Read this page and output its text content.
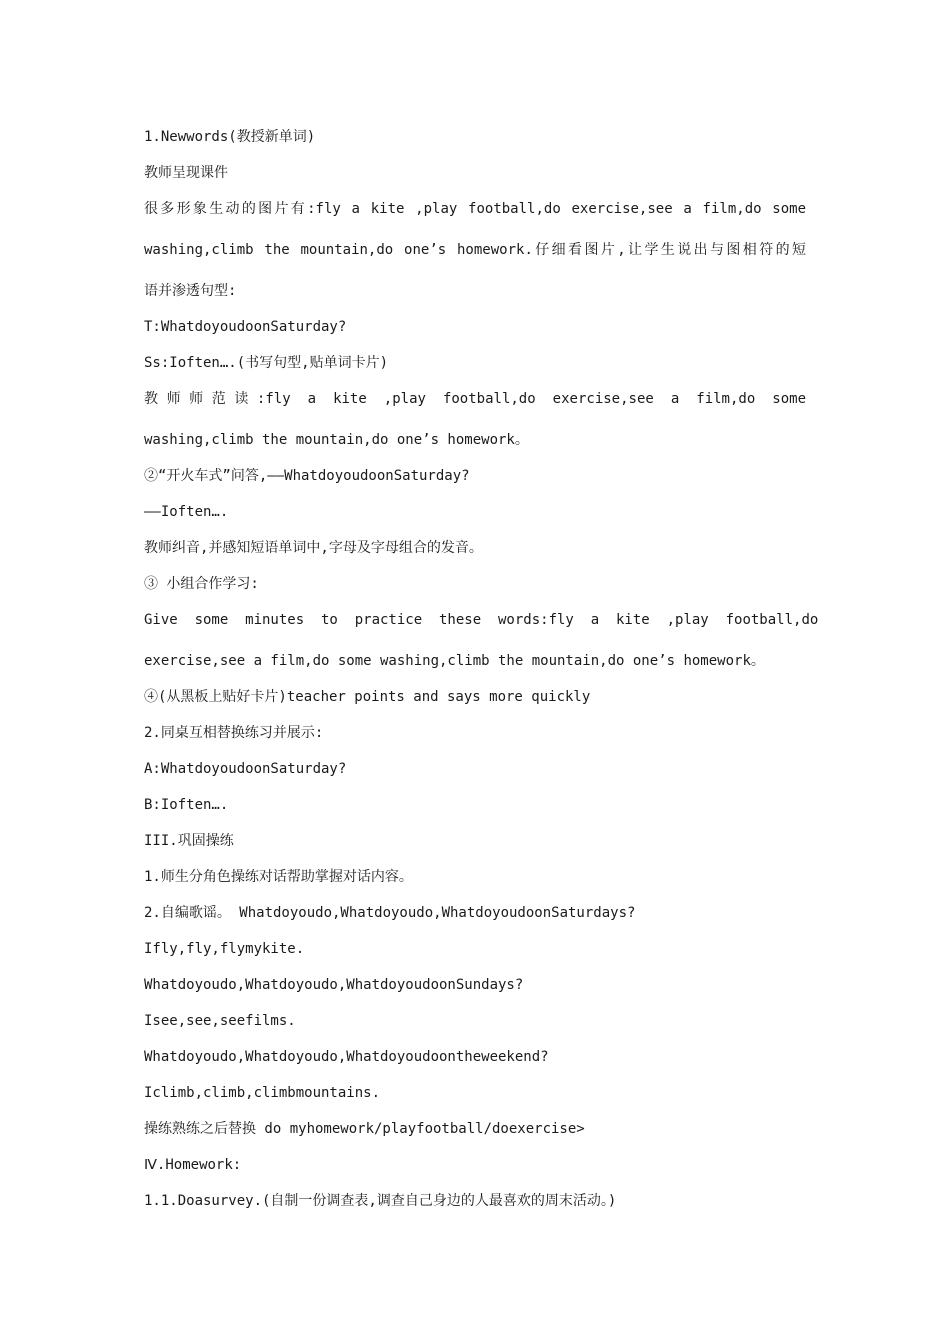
1.Newwords(教授新单词)
教师呈现课件
很多形象生动的图片有:fly a kite ,play football,do exercise,see a film,do some
washing,climb the mountain,do one’s homework.仔细看图片,让学生说出与图相符的短
语并渗透句型:
T:WhatdoyoudoonSaturday?
Ss:Ioften….(书写句型,贴单词卡片)
教 师 师 范 读 :fly  a  kite  ,play  football,do  exercise,see  a  film,do  some
washing,climb the mountain,do one’s homework。
②“开火车式”问答,——WhatdoyoudoonSaturday?
——Ioften….
教师纠音,并感知短语单词中,字母及字母组合的发音。
③ 小组合作学习:
Give  some  minutes  to  practice  these  words:fly  a  kite  ,play  football,do
exercise,see a film,do some washing,climb the mountain,do one’s homework。
④(从黑板上贴好卡片)teacher points and says more quickly
2.同桌互相替换练习并展示:
A:WhatdoyoudoonSaturday?
B:Ioften….
III.巩固操练
1.师生分角色操练对话帮助掌握对话内容。
2.自编歌谣。 Whatdoyoudo,Whatdoyoudo,WhatdoyoudoonSaturdays?
Ifly,fly,flymykite.
Whatdoyoudo,Whatdoyoudo,WhatdoyoudoonSundays?
Isee,see,seefilms.
Whatdoyoudo,Whatdoyoudo,Whatdoyoudoontheweekend?
Iclimb,climb,climbmountains.
操练熟练之后替换 do myhomework/playfootball/doexercise>
Ⅳ.Homework:
1.1.Doasurvey.(自制一份调查表,调查自己身边的人最喜欢的周末活动。)
